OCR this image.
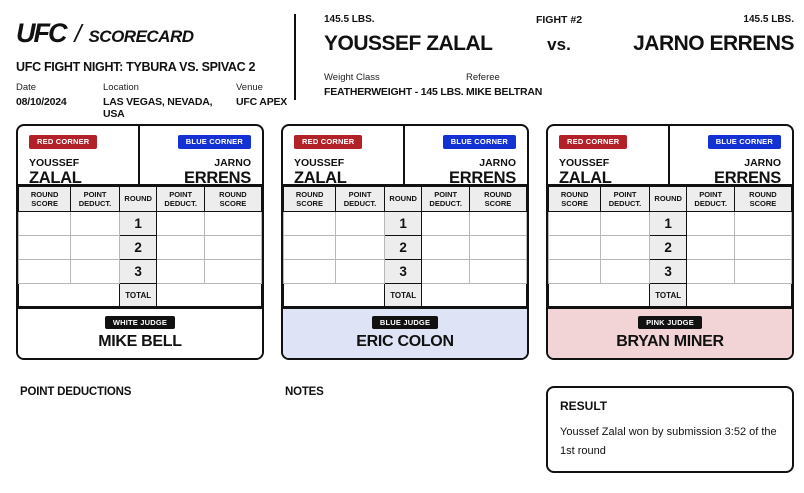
UFC / SCORECARD
UFC FIGHT NIGHT: TYBURA VS. SPIVAC 2
Date
08/10/2024
Location
LAS VEGAS, NEVADA, USA
Venue
UFC APEX
145.5 LBS.
YOUSSEF ZALAL
FIGHT #2
vs.
145.5 LBS.
JARNO ERRENS
Weight Class
FEATHERWEIGHT - 145 LBS.
Referee
MIKE BELTRAN
RED CORNER
YOUSSEF
ZALAL
BLUE CORNER
JARNO
ERRENS
ROUND SCORE	POINT DEDUCT.	ROUND	POINT DEDUCT.	ROUND SCORE
		1		
		2		
		3		
		TOTAL		
WHITE JUDGE
MIKE BELL
RED CORNER
YOUSSEF
ZALAL
BLUE CORNER
JARNO
ERRENS
ROUND SCORE	POINT DEDUCT.	ROUND	POINT DEDUCT.	ROUND SCORE
		1		
		2		
		3		
		TOTAL		
BLUE JUDGE
ERIC COLON
RED CORNER
YOUSSEF
ZALAL
BLUE CORNER
JARNO
ERRENS
ROUND SCORE	POINT DEDUCT.	ROUND	POINT DEDUCT.	ROUND SCORE
		1		
		2		
		3		
		TOTAL		
PINK JUDGE
BRYAN MINER
POINT DEDUCTIONS	NOTES
RESULT
Youssef Zalal won by submission 3:52 of the 1st round
